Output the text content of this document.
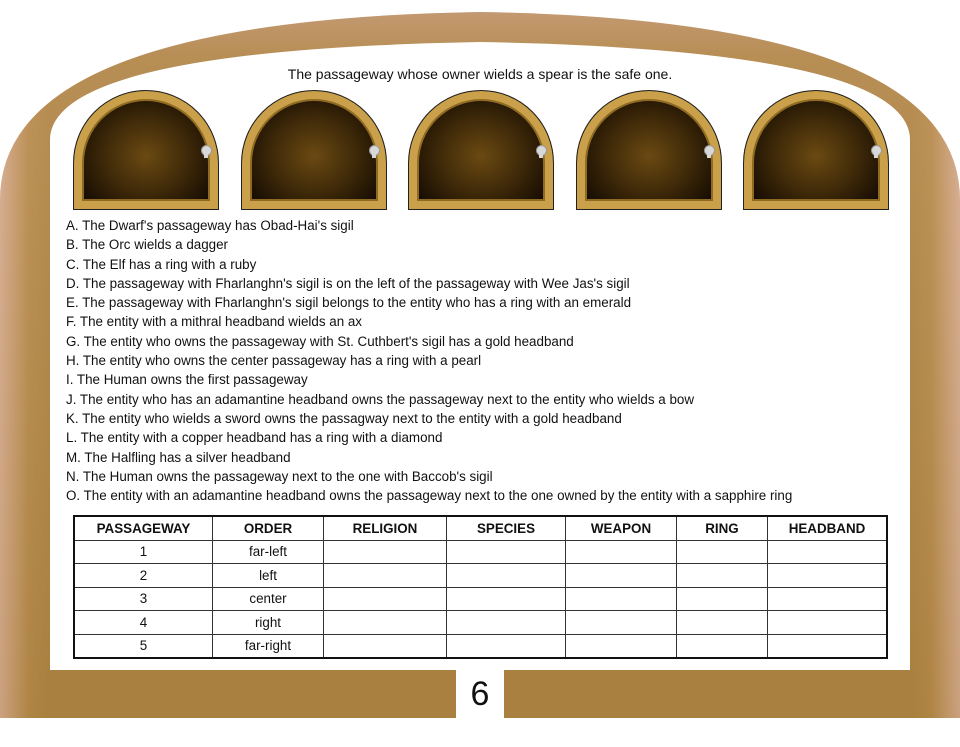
The passageway whose owner wields a spear is the safe one.
A. The Dwarf's passageway has Obad-Hai's sigil
B. The Orc wields a dagger
C. The Elf has a ring with a ruby
D. The passageway with Fharlanghn's sigil is on the left of the passageway with Wee Jas's sigil
E. The passageway with Fharlanghn's sigil belongs to the entity who has a ring with an emerald
F. The entity with a mithral headband wields an ax
G. The entity who owns the passageway with St. Cuthbert's sigil has a gold headband
H. The entity who owns the center passageway has a ring with a pearl
I. The Human owns the first passageway
J. The entity who has an adamantine headband owns the passageway next to the entity who wields a bow
K. The entity who wields a sword owns the passagway next to the entity with a gold headband
L. The entity with a copper headband has a ring with a diamond
M. The Halfling has a silver headband
N. The Human owns the passageway next to the one with Baccob's sigil
O. The entity with an adamantine headband owns the passageway next to the one owned by the entity with a sapphire ring
PASSAGEWAY	ORDER	RELIGION	SPECIES	WEAPON	RING	HEADBAND
1	far-left					
2	left					
3	center					
4	right					
5	far-right					
6
